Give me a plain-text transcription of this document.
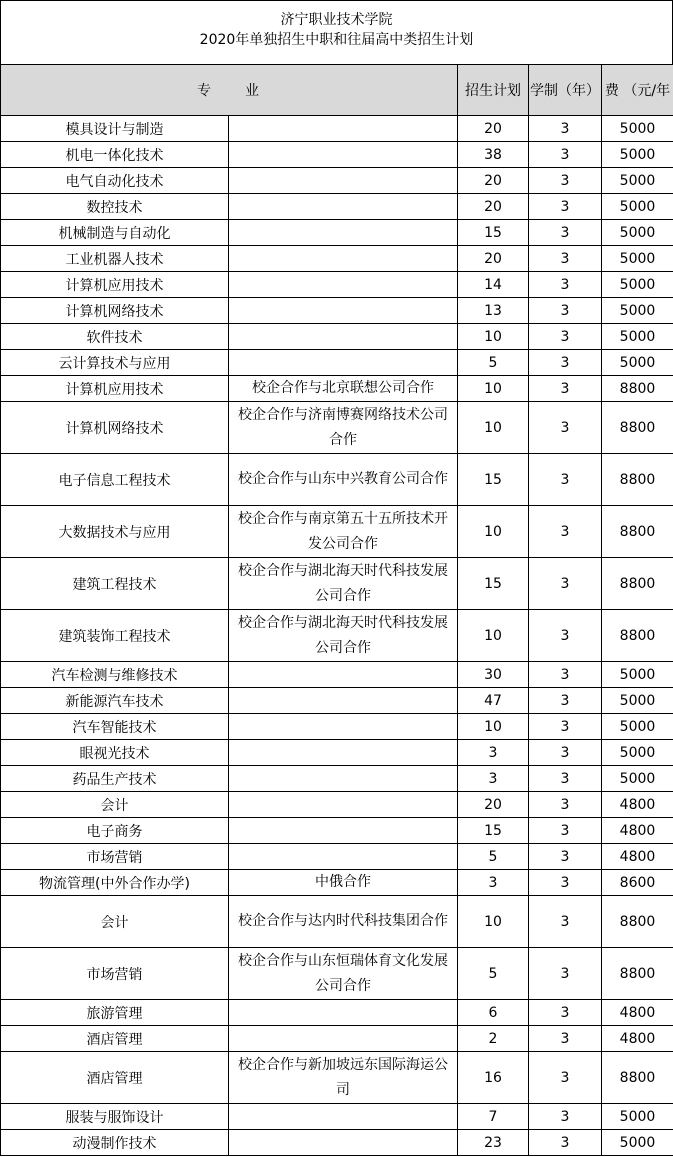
济宁职业技术学院
2020年单独招生中职和往届高中类招生计划
专　　业		招生计划	学制（年）	费 （元/年
模具设计与制造		20	3	5000
机电一体化技术		38	3	5000
电气自动化技术		20	3	5000
数控技术		20	3	5000
机械制造与自动化		15	3	5000
工业机器人技术		20	3	5000
计算机应用技术		14	3	5000
计算机网络技术		13	3	5000
软件技术		10	3	5000
云计算技术与应用		5	3	5000
计算机应用技术	校企合作与北京联想公司合作	10	3	8800
计算机网络技术	校企合作与济南博赛网络技术公司合作	10	3	8800
电子信息工程技术	校企合作与山东中兴教育公司合作	15	3	8800
大数据技术与应用	校企合作与南京第五十五所技术开发公司合作	10	3	8800
建筑工程技术	校企合作与湖北海天时代科技发展公司合作	15	3	8800
建筑装饰工程技术	校企合作与湖北海天时代科技发展公司合作	10	3	8800
汽车检测与维修技术		30	3	5000
新能源汽车技术		47	3	5000
汽车智能技术		10	3	5000
眼视光技术		3	3	5000
药品生产技术		3	3	5000
会计		20	3	4800
电子商务		15	3	4800
市场营销		5	3	4800
物流管理(中外合作办学)	中俄合作	3	3	8600
会计	校企合作与达内时代科技集团合作	10	3	8800
市场营销	校企合作与山东恒瑞体育文化发展公司合作	5	3	8800
旅游管理		6	3	4800
酒店管理		2	3	4800
酒店管理	校企合作与新加坡远东国际海运公司	16	3	8800
服装与服饰设计		7	3	5000
动漫制作技术		23	3	5000
